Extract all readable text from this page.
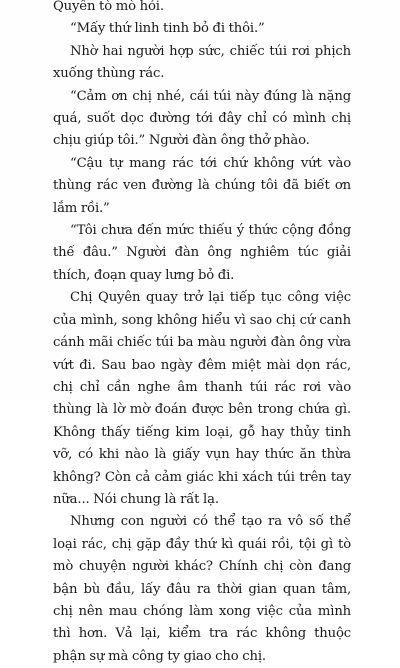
Quyên tò mò hỏi.

“Mấy thứ linh tinh bỏ đi thôi.”

Nhờ hai người hợp sức, chiếc túi rơi phịch xuống thùng rác.

“Cảm ơn chị nhé, cái túi này đúng là nặng quá, suốt dọc đường tới đây chỉ có mình chị chịu giúp tôi.” Người đàn ông thở phào.

“Cậu tự mang rác tới chứ không vứt vào thùng rác ven đường là chúng tôi đã biết ơn lắm rồi.”

“Tôi chưa đến mức thiếu ý thức cộng đồng thế đâu.” Người đàn ông nghiêm túc giải thích, đoạn quay lưng bỏ đi.

Chị Quyên quay trở lại tiếp tục công việc của mình, song không hiểu vì sao chị cứ canh cánh mãi chiếc túi ba màu người đàn ông vừa vứt đi. Sau bao ngày đêm miệt mài dọn rác, chị chỉ cần nghe âm thanh túi rác rơi vào thùng là lờ mờ đoán được bên trong chứa gì. Không thấy tiếng kim loại, gỗ hay thủy tinh vỡ, có khi nào là giấy vụn hay thức ăn thừa không? Còn cả cảm giác khi xách túi trên tay nữa... Nói chung là rất lạ.

Nhưng con người có thể tạo ra vô số thể loại rác, chị gặp đầy thứ kì quái rồi, tội gì tò mò chuyện người khác? Chính chị còn đang bận bù đầu, lấy đâu ra thời gian quan tâm, chị nên mau chóng làm xong việc của mình thì hơn. Vả lại, kiểm tra rác không thuộc phận sự mà công ty giao cho chị.
